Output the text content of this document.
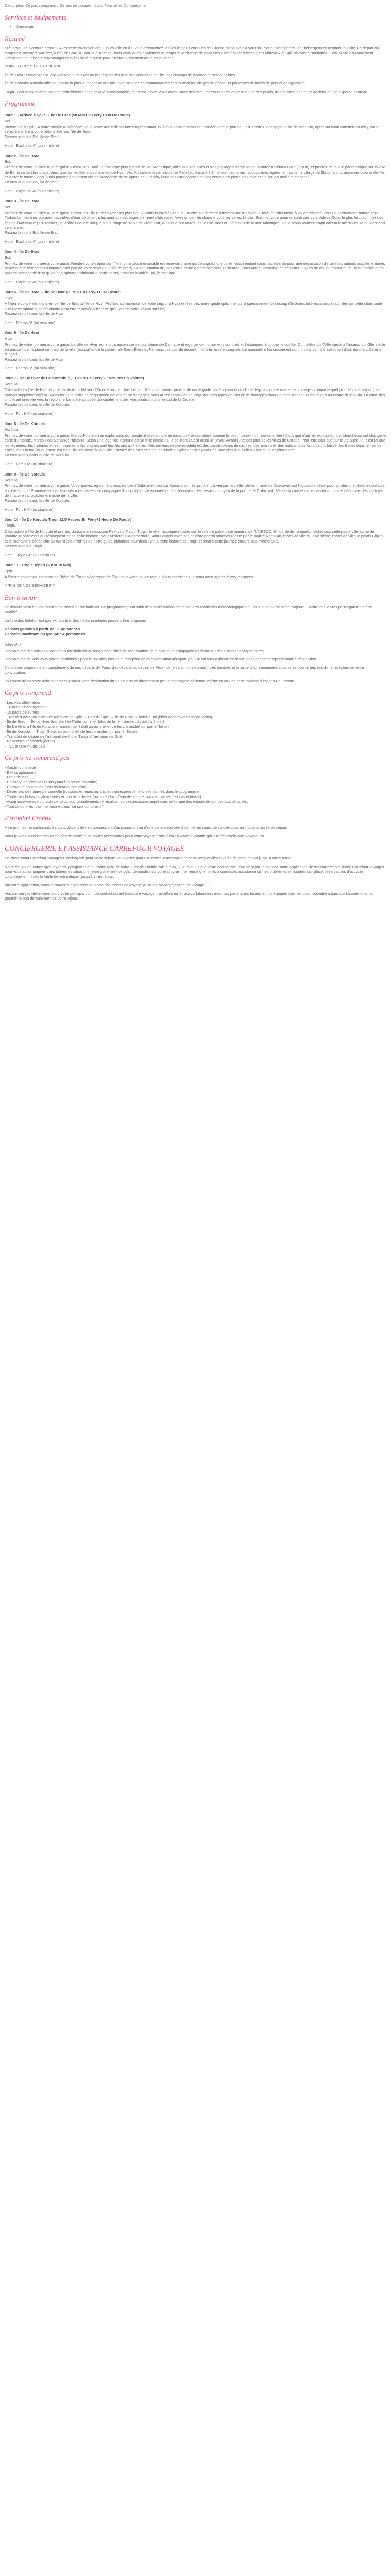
Description Ce prix comprend / Ce prix ne comprend pas Formalités Conciergerie
Services et équipements
• Concierge
Résumé

Prêt pour une aventure croate ? Avec cette excursion de 11 jours d'île en île, vous découvrirez les îles les plus connues de Croatie, sans avoir à vous soucier du transport ou de l'hébergement pendant la visite. Le départ du temps est consacré aux îles, à l'île de Brac, à Hvar et à Korcula, mais vous aurez également le temps et la chance de visiter les villes croisées telles que Dubrovnik et Split si vous le souhaitez. Cette visite est totalement indépendante, laissant aux voyageurs la flexibilité requise pour profiter pleinement de leurs journées.

POINTS FORTS DE LA TOURNÉE

Île de Hvar : Découvrez la ville « festive » de Hvar ou les régions les plus traditionnelles de l'île, ses champs de lavande et ses vignobles.

Île de Korcula: Korcula offre la Croatie la plus authentique qui soit, avec ses petites communautés et ses anciens villages de pêcheurs parsemés de forêts de pins et de vignobles.

Trogir: Petit mais célèbre pour sa riche histoire et sa beauté incomparable, ce trésor croate vous attend avec des monuments remarquables tels que des palais, des églises, des murs anciens et une superbe château.

Programme
Jour 1 - Arrivée à Split → Île De Brac (50 Min En Ferry/1h30 De Route)
Bol.
Bienvenue à Split ! À votre arrivée à l'aéroport, vous serez accueilli par notre représentant, qui vous assistera lors du transfert vers le port de Split. Prenez le ferry pour l'île de Brac, où, après un court transfert en ferry, vous serez transféré à votre hôtel à Bol, sur l'île de Brac.
Passez la nuit à Bol, île de Brac.
Hotel: Elaphusa 4* (ou similaire)
Jour 2 - Île De Brac
Bol.
Profitez de votre journée à votre guise. Découvrez Brač, la troisième plus grande île de l'Adriatique, ainsi que ses villes et ses paysages pittoresques. Montez à Vidova Gora (778 m) et profitez de la vue panoramique sur la ville de Bol et sa célèbre plage, ainsi que sur les îles environnantes de Hvar, Vis, Korcula et la péninsule de Pelješac. Installé à l'intérieur des terres, vous pouvez également visiter le village de Škrip, la plus ancienne colonie de l'île, et visiter le musée local. Vous pouvez également visiter l'Académie de sculpture de Pučišća, l'une des rares écoles de maçonnerie de pierre d'Europe et un lieu de meilleur artisanat.
Passez la nuit à Bol, île de Brac.
Hotel: Elaphusa 4* (ou similaire)
Jour 3 - Île De Brac
Bol.
Profitez de votre journée à votre guise. Parcourez l'île et découvrez les plus beaux endroits cachés de l'île. Un chemin de terre à travers une magnifique forêt de pins mène à vous emmener vers un phénomène naturel rare: Trakoščan, les trois piscines naturelles d'eau de pluie où les animaux sauvages viennent s'abreuver. Avec un peu de chance, vous les verrez là-bas. Ensuite, vous pourrez continuer vers Vidova Gora, le plus haut sommet des îles de l'Adriatique (778 mètres), qui offre une vue unique sur la plage de sable de Zlatni Rat, ainsi que sur toutes les îles voisines et lointaines de la mer Adriatique. De là, vous pourrez emprunter la route sinueuse qui descend vers la mer.
Passez la nuit à Bol, île de Brac.
Hotel: Elaphusa 4* (ou similaire)
Jour 4 - Île De Brac
Bol.
Profitez de votre journée à votre guise. Rendez votre séjour sur l'île encore plus mémorable en réservant notre guide anglophone ou en vous rendant dans l'après-midi pour une dégustation de vin (des options supplémentaires peuvent être réservées) n'importe quel jour de votre séjour sur l'île de Brac). La dégustation de vins d'une heure commence vers 17 heures. Vous aurez l'occasion de déguster 3 types de vin, du fromage, de l'huile d'olive et du pain en compagnie d'un guide anglophone (minimum 2 participants). Passez la nuit à Bol, île de Brac.
Hotel: Elaphusa 4* (ou similaire)
Jour 5 - Île De Brac → Île De Hvar (30 Min En Ferry/1H De Route)
Hvar .
À l'heure convenue, transfert de l'île de Brac à l'île de Hvar. Profitez au maximum de votre séjour à Hvar et réservez notre guide optionnel qui a spécialement beaucoup d'histoires intéressantes à raconter sur cette charmante ville (cette option supplémentaire peut être réservée n'importe quel jour de votre séjour sur l'île).
Passez la nuit dans la ville de Hvar.
Hotel: Pharos 3* (ou similaire)
Jour 6 - Île De Hvar
Hvar .
Profitez de votre journée à votre guise. La ville de Hvar est le plus ancien centre touristique de Dalmatie et regorge de monuments culturels et historiques à couper le souffle. Du théâtre du XVIIe siècle à l'arsenal du XIIIe siècle, en passant par le place centrale de la ville (piazza) et de la cathédrale Saint-Étienne. Ne manquez pas de découvrir la forteresse espagnole. Le monastère franciscain est connu pour sa riche collection d'art, dont la « Cène » d'Ingoli.
Passez la nuit dans la ville de Hvar.
Hotel: Pharos 3* (ou similaire)
Jour 7 - De De Hvar Île De Korcula (1,1 Heure En Ferry/20 Minutes En Voiture)
Korčula.
Dites adieu à l'île de Hvar et profitez du transfert vers l'île de Korcula. Une fois sur l'île, vous pouvez profiter de notre guide privé optionnel ou d'une dégustation de vins et de fromages n'importe quel jour de votre séjour (des options supplémentaires). Au cours de la visite de dégustation de vins et de fromages, vous aurez l'occasion de déguster trois types de vins et de fromages dans un restaurant et un bar à vins au centre de Čakula. La carte des vins étant orientée vers la région, le bar a été proposé principalement des vins produits dans le sud de la Croatie.
Passez la nuit dans la ville de Korcula.
Hotel: Port 9 4* (ou similaire)
Jour 8 - Île De Korcula
Korčula.
Profitez de votre journée à votre guise. Marco Polo était un explorateur du monde, il était donc « né dans un » et considéré comme le petit monde « du monde entier ! Alors que d'autres explorateurs et chercheurs ont changé la carte du monde, Marco Polo a changé l'histoire. Selon une légende, Korcula est sa ville natale ! L'île de Korcula est aussi un joyau! Avant l'une des plus belles villes de Croatie. Peut-être plus que sur toute autre île, c'est ici que les légendes, les histoires et les monuments historiques sont liés les uns aux autres. Des tailleurs de pierre célèbres, des constructeurs de navires, des marins et des habitants de Korcula ont laissé des traces dans le monde entier, mais la meilleure chose est ce qu'ils ont laissé à leur ville. Profitez des rues étroites, des belles églises et des palais de l'une des plus belles villes de la Méditerranée.
Passez la nuit dans la ville de Korcula.
Hotel: Port 9 4* (ou similaire)
Jour 9 - Île De Korcula
Korčula.
Profitez de votre journée à votre guise. Vous pouvez également vous rendre à Dubrovnik d'ici car Korcula est très proche. La vue sur la vieille cité emmurée de Dubrovnik est l'occasion idéale pour ajouter une photo inoubliable à votre album ! Promenez-vous dans ses rues pavées en compagnie d'un guide professionnel tout en découvrant les trésors du joyau de la pointe de Dubrovnik. Visitez la mairie sur les anciens murs et découvrez les vestiges de l'histoire incroyablement riche de la ville.
Passez la nuit dans la ville de Korcula.
Hotel: Port 9 4* (ou similaire)
Jour 10 - Île De Korcula Trogir (2,5 Heures En Ferry/1 Heure De Route)
Trogir.
Dites adieu à l'île de Korcula et profitez du transfert classique Pavi vers Trogir. Trogir, la ville historique inscrite sur la liste du patrimoine mondial de l'UNESCO. Entourée de remparts médiévaux, cette petite ville abrite de nombreux bâtiments qui témoignent de sa riche histoire. Nous visiterons la cathédrale Saint-Laurent avec son célèbre portail principal réalisé par le maître Radovan, l'hôtel de ville du XVe siècle, l'hôtel de ville, le palais Cipiko et le monastère bénédictin du XIe siècle. Profitez de notre guide optionnel pour découvrir la riche histoire de Trogir et rendre cette journée encore plus mémorable.
Passez la nuit à Trogir.
Hotel: Trogos 4* (ou similaire)
Jour 11 - Trogir Départ (5 Km 10 Min)
Split.
À l'heure convenue, transfert de l'hôtel de Trogir à l'aéroport de Split pour votre vol de retour. Nous espérons que vous avez apprécié vos vacances.

***FIN DE NOS SERVICES***

Bon à savoir

Le déroulement de nos circuits est donné à titre indicatif. Ce programme peut subir des modifications en raison des conditions météorologiques ou lieux suite ou de force majeure. L'ordre des visites peut également être modifié.

La liste des hôtels n'est pas exhaustive, des hôtels similaires peuvent être proposés

Départs garantis à partir de : 2 personnes

Capacité maximum du groupe : 4 personnes

Infos Vols

Les horaires des vols sont donnés à titre indicatif et sont susceptibles de modification de la part de la compagnie aérienne ou des autorités aéroportuaires.

Les horaires de vols vous seront confirmés : pour le vol aller, lors de la réception de la convocation aéroport, pour le vol retour directement sur place par notre représentant à destination.

Nous vous proposons en complément de nos départs de Paris, des départs au départ de Province (en train ou en avion). Les horaires et la route d'acheminement vous seront confirmés lors de la réception de votre convocation.

La continuité de votre acheminement jusqu'à votre destination finale est assuré directement par la compagnie aérienne, même en cas de perturbations à l'aller ou au retour.

Ce prix comprend
- Les vols aller-retour
- 10 nuits d'hébergement
- 10 petits déjeuners
- Transfert aéroport d'arrivée Aéroport de Split → Port de Split → Île de Brac → hôtel à Bol (billet de ferry et transfert inclus)
- Île de Brac → Île de Hvar (transfert de l'hôtel au ferry, billet de ferry, transfert du port à l'hôtel)
- Île De Hvar à l'île de Korcula (transfert de l'hôtel au port, billet de ferry, transfert du port à l'hôtel)
- Île de Korcula → Trogir (hôtel au port, billet de ferry transfert du port à l'hôtel)
- Transfert de départ de l'aéroport de l'hôtel Trogir à l'aéroport de Split
- Rencontre et accueil (jour 1)
- TVA et taxe municipale
Ce prix ne comprend pas
- Guide touristique
- Extras optionnels
- Frais de visa
- Boissons pendant les repas (sauf indication contraire)
- Portage et pourboires (sauf indication contraire)
- Dépenses de nature personnelle boissons et repas ou articles non expressément mentionnés dans le programme
- Toutes les boissons alcoolisées et non alcoolisées (nous rendons l'eau de source commercialisée (en cas échéant)
- Assurance-voyage ou toute perte ou coût supplémentaire résultant de circonstances imprévues telles que des retards de vol des accidents etc.
- Tout ce qui n'est pas mentionné dans "ce prix comprend"
Formalité Croatie

À ce jour, les ressortissants français doivent être en possession d'un passeport ou d'une carte nationale d'identité en cours de validité couvrant toute la durée du séjour.

Vous pouvez consulter les formalités de santé et de police nécessaires pour votre voyage : http(s)//XXXwww.diplomatie.gouv.fr/fr/conseils-aux-voyageurs/

CONCIERGERIE ET ASSISTANCE CARREFOUR VOYAGES

En choisissant Carrefour Voyages Conciergerie pour votre séjour, vous optez pour un service d'accompagnement complet dès la veille de votre départ jusqu'à votre retour.

Notre équipe de concierges, experts, polyglottes et humaine (joie de notre 1 est disponible 24h sur 24, 7 jours sur 7 et à votre écoute exclusivement par le biais de notre application de messagerie sécurisée Carrefour Voyages pour vous accompagner dans toutes les situations (enregistrement de vols, demandes sur votre programme, renseignements à connaître, assistance sur les problèmes rencontrés sur place, réservations d'activités, conciergerie, ...) dès la veille de votre départ jusqu'à votre retour.

Via votre application, vous retrouverez également tous vos documents de voyage (e-billets, voucher, carnet de voyage, ...).

Vos concierges deviennent alors votre principal point de contact durant tout votre voyage, travaillant en étroite collaboration avec nos partenaires locaux et nos équipes internes pour répondre à tous vos besoins et ainsi, garantir le bon déroulement de votre séjour.
